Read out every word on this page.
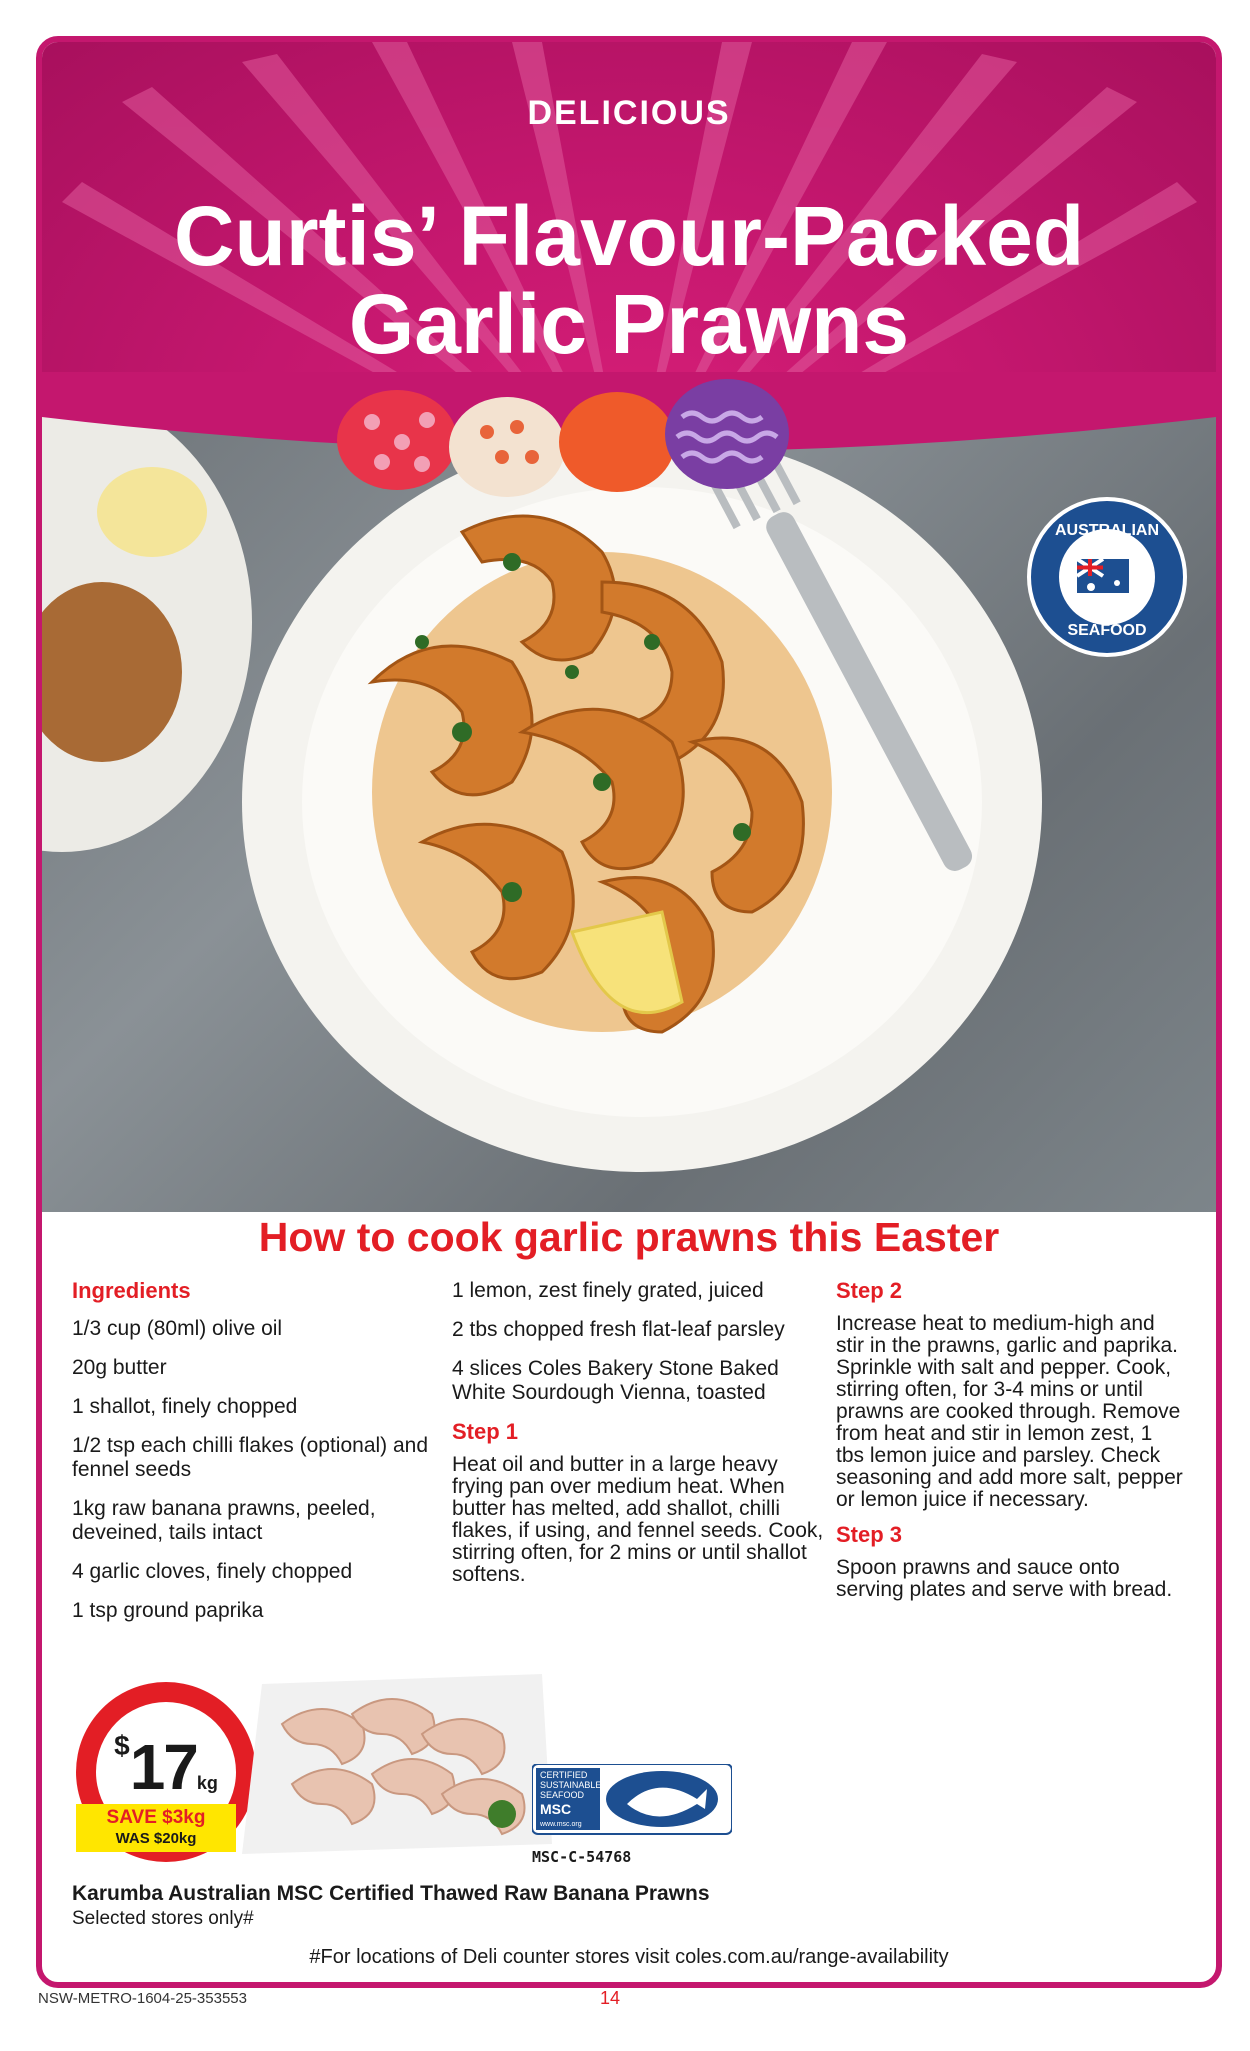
DELICIOUS
Curtis’ Flavour-Packed
Garlic Prawns
AUSTRALIAN
SEAFOOD
How to cook garlic prawns this Easter

Ingredients

1/3 cup (80ml) olive oil

20g butter

1 shallot, finely chopped

1/2 tsp each chilli flakes (optional) and fennel seeds

1kg raw banana prawns, peeled, deveined, tails intact

4 garlic cloves, finely chopped

1 tsp ground paprika

1 lemon, zest finely grated, juiced

2 tbs chopped fresh flat-leaf parsley

4 slices Coles Bakery Stone Baked White Sourdough Vienna, toasted

Step 1

Heat oil and butter in a large heavy frying pan over medium heat. When butter has melted, add shallot, chilli flakes, if using, and fennel seeds. Cook, stirring often, for 2 mins or until shallot softens.

Step 2

Increase heat to medium-high and stir in the prawns, garlic and paprika. Sprinkle with salt and pepper. Cook, stirring often, for 3-4 mins or until prawns are cooked through. Remove from heat and stir in lemon zest, 1 tbs lemon juice and parsley. Check seasoning and add more salt, pepper or lemon juice if necessary.

Step 3

Spoon prawns and sauce onto serving plates and serve with bread.

$17kg
SAVE $3kg
WAS $20kg
CERTIFIED
SUSTAINABLE
SEAFOOD
MSC
www.msc.org
MSC-C-54768
Karumba Australian MSC Certified Thawed Raw Banana Prawns
Selected stores only#
#For locations of Deli counter stores visit coles.com.au/range-availability
NSW-METRO-1604-25-353553	14
